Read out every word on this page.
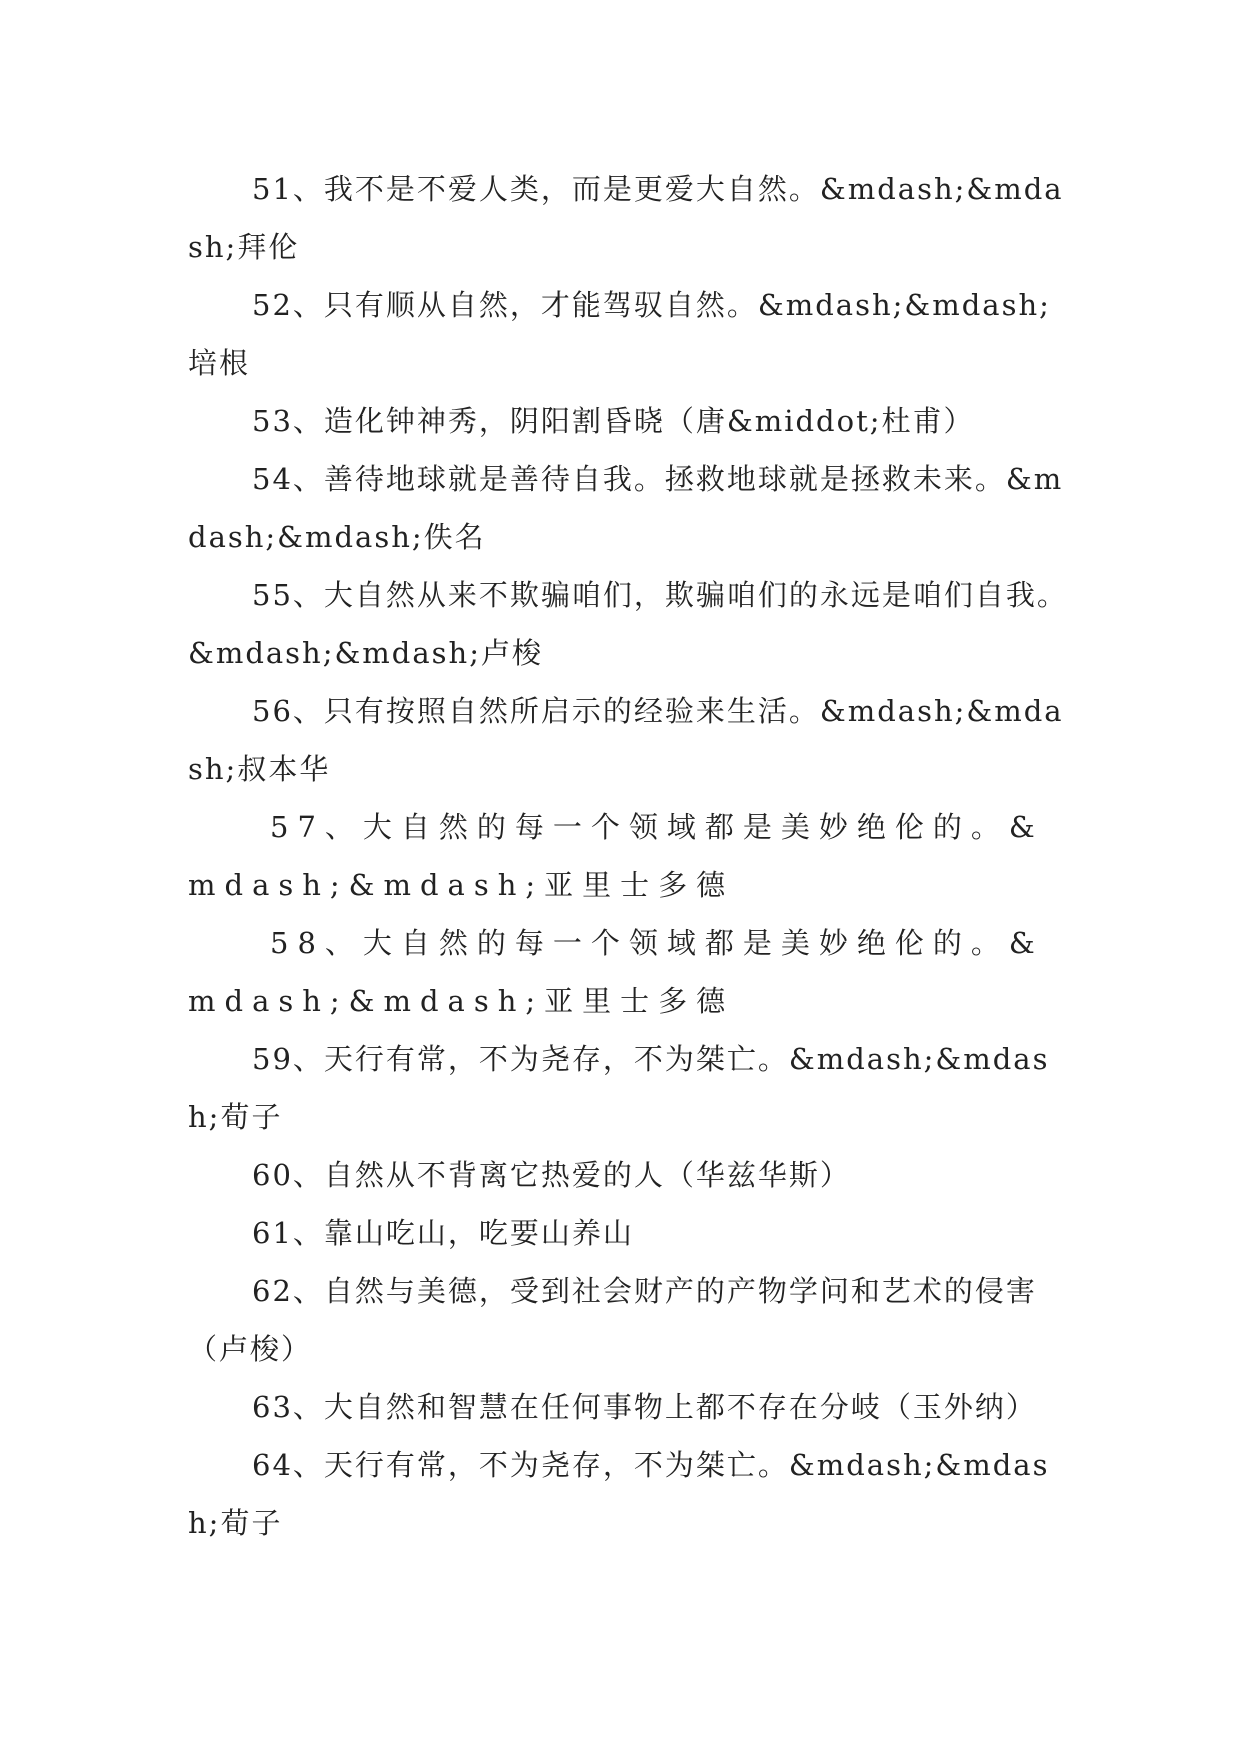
51、我不是不爱人类，而是更爱大自然。&mdash;&mdash;拜伦

52、只有顺从自然，才能驾驭自然。&mdash;&mdash;培根

53、造化钟神秀，阴阳割昏晓（唐&middot;杜甫）

54、善待地球就是善待自我。拯救地球就是拯救未来。&mdash;&mdash;佚名

55、大自然从来不欺骗咱们，欺骗咱们的永远是咱们自我。&mdash;&mdash;卢梭

56、只有按照自然所启示的经验来生活。&mdash;&mdash;叔本华

57、大自然的每一个领域都是美妙绝伦的。&mdash;&mdash;亚里士多德

58、大自然的每一个领域都是美妙绝伦的。&mdash;&mdash;亚里士多德

59、天行有常，不为尧存，不为桀亡。&mdash;&mdash;荀子

60、自然从不背离它热爱的人（华兹华斯）

61、靠山吃山，吃要山养山

62、自然与美德，受到社会财产的产物学问和艺术的侵害（卢梭）

63、大自然和智慧在任何事物上都不存在分岐（玉外纳）

64、天行有常，不为尧存，不为桀亡。&mdash;&mdash;荀子
